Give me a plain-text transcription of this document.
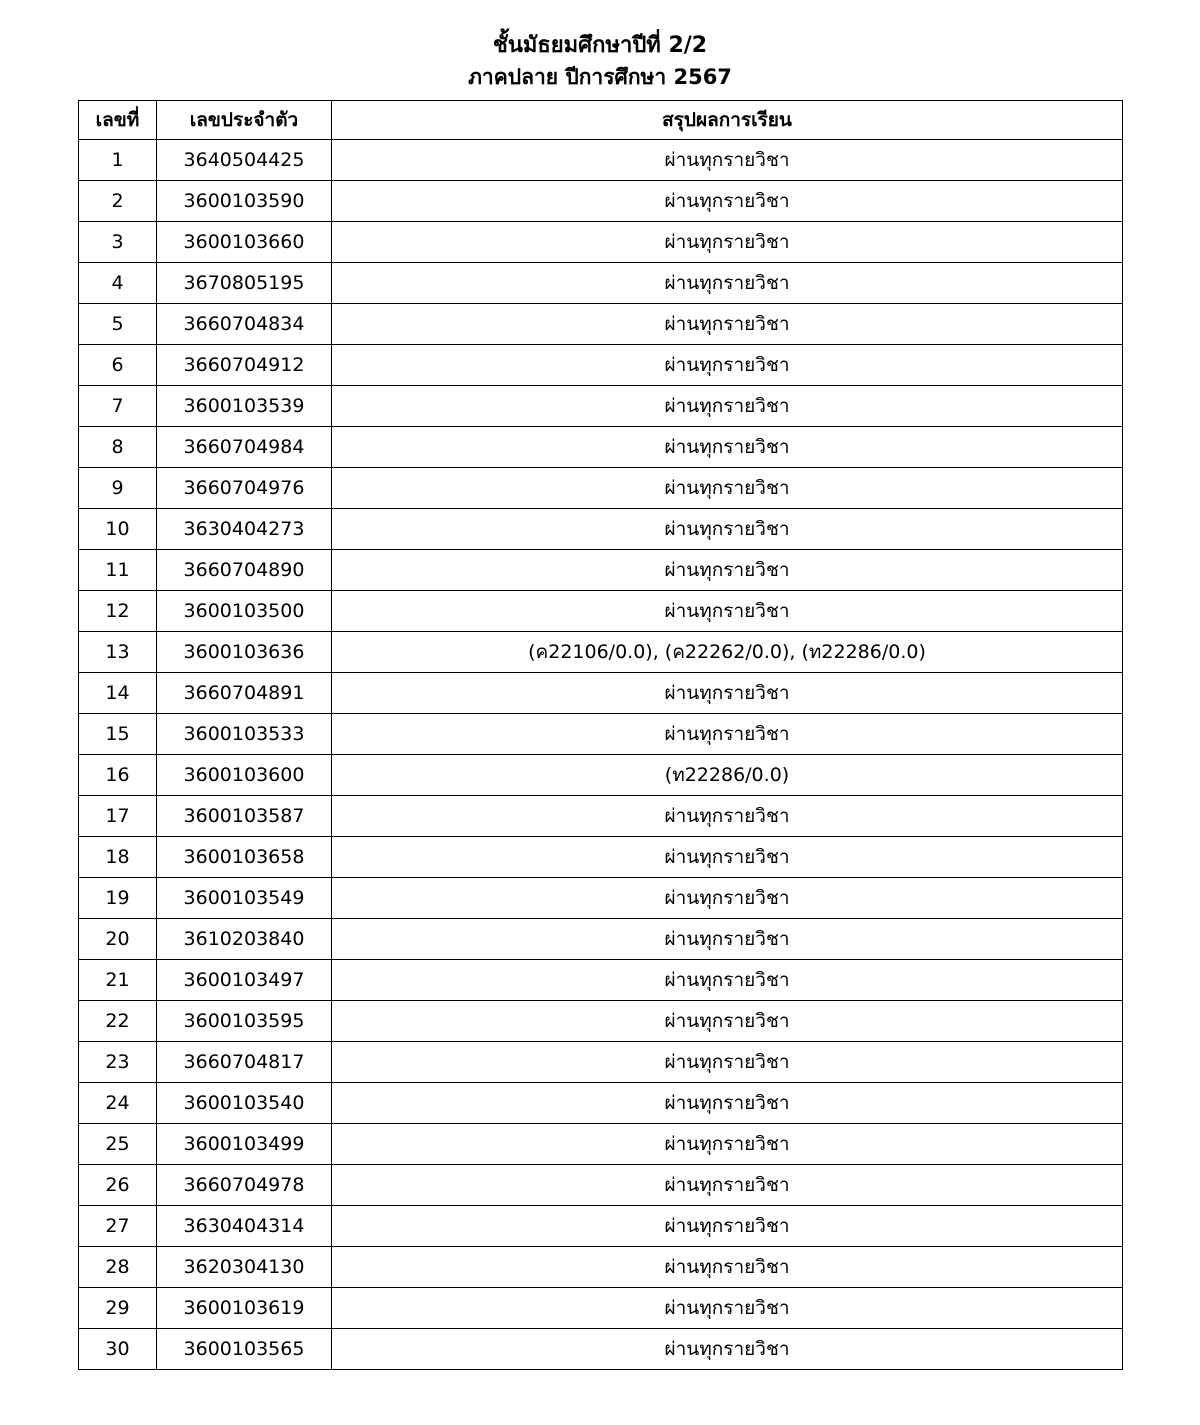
ชั้นมัธยมศึกษาปีที่ 2/2
ภาคปลาย ปีการศึกษา 2567
เลขที่	เลขประจำตัว	สรุปผลการเรียน
1	3640504425	ผ่านทุกรายวิชา
2	3600103590	ผ่านทุกรายวิชา
3	3600103660	ผ่านทุกรายวิชา
4	3670805195	ผ่านทุกรายวิชา
5	3660704834	ผ่านทุกรายวิชา
6	3660704912	ผ่านทุกรายวิชา
7	3600103539	ผ่านทุกรายวิชา
8	3660704984	ผ่านทุกรายวิชา
9	3660704976	ผ่านทุกรายวิชา
10	3630404273	ผ่านทุกรายวิชา
11	3660704890	ผ่านทุกรายวิชา
12	3600103500	ผ่านทุกรายวิชา
13	3600103636	(ค22106/0.0), (ค22262/0.0), (ท22286/0.0)
14	3660704891	ผ่านทุกรายวิชา
15	3600103533	ผ่านทุกรายวิชา
16	3600103600	(ท22286/0.0)
17	3600103587	ผ่านทุกรายวิชา
18	3600103658	ผ่านทุกรายวิชา
19	3600103549	ผ่านทุกรายวิชา
20	3610203840	ผ่านทุกรายวิชา
21	3600103497	ผ่านทุกรายวิชา
22	3600103595	ผ่านทุกรายวิชา
23	3660704817	ผ่านทุกรายวิชา
24	3600103540	ผ่านทุกรายวิชา
25	3600103499	ผ่านทุกรายวิชา
26	3660704978	ผ่านทุกรายวิชา
27	3630404314	ผ่านทุกรายวิชา
28	3620304130	ผ่านทุกรายวิชา
29	3600103619	ผ่านทุกรายวิชา
30	3600103565	ผ่านทุกรายวิชา
